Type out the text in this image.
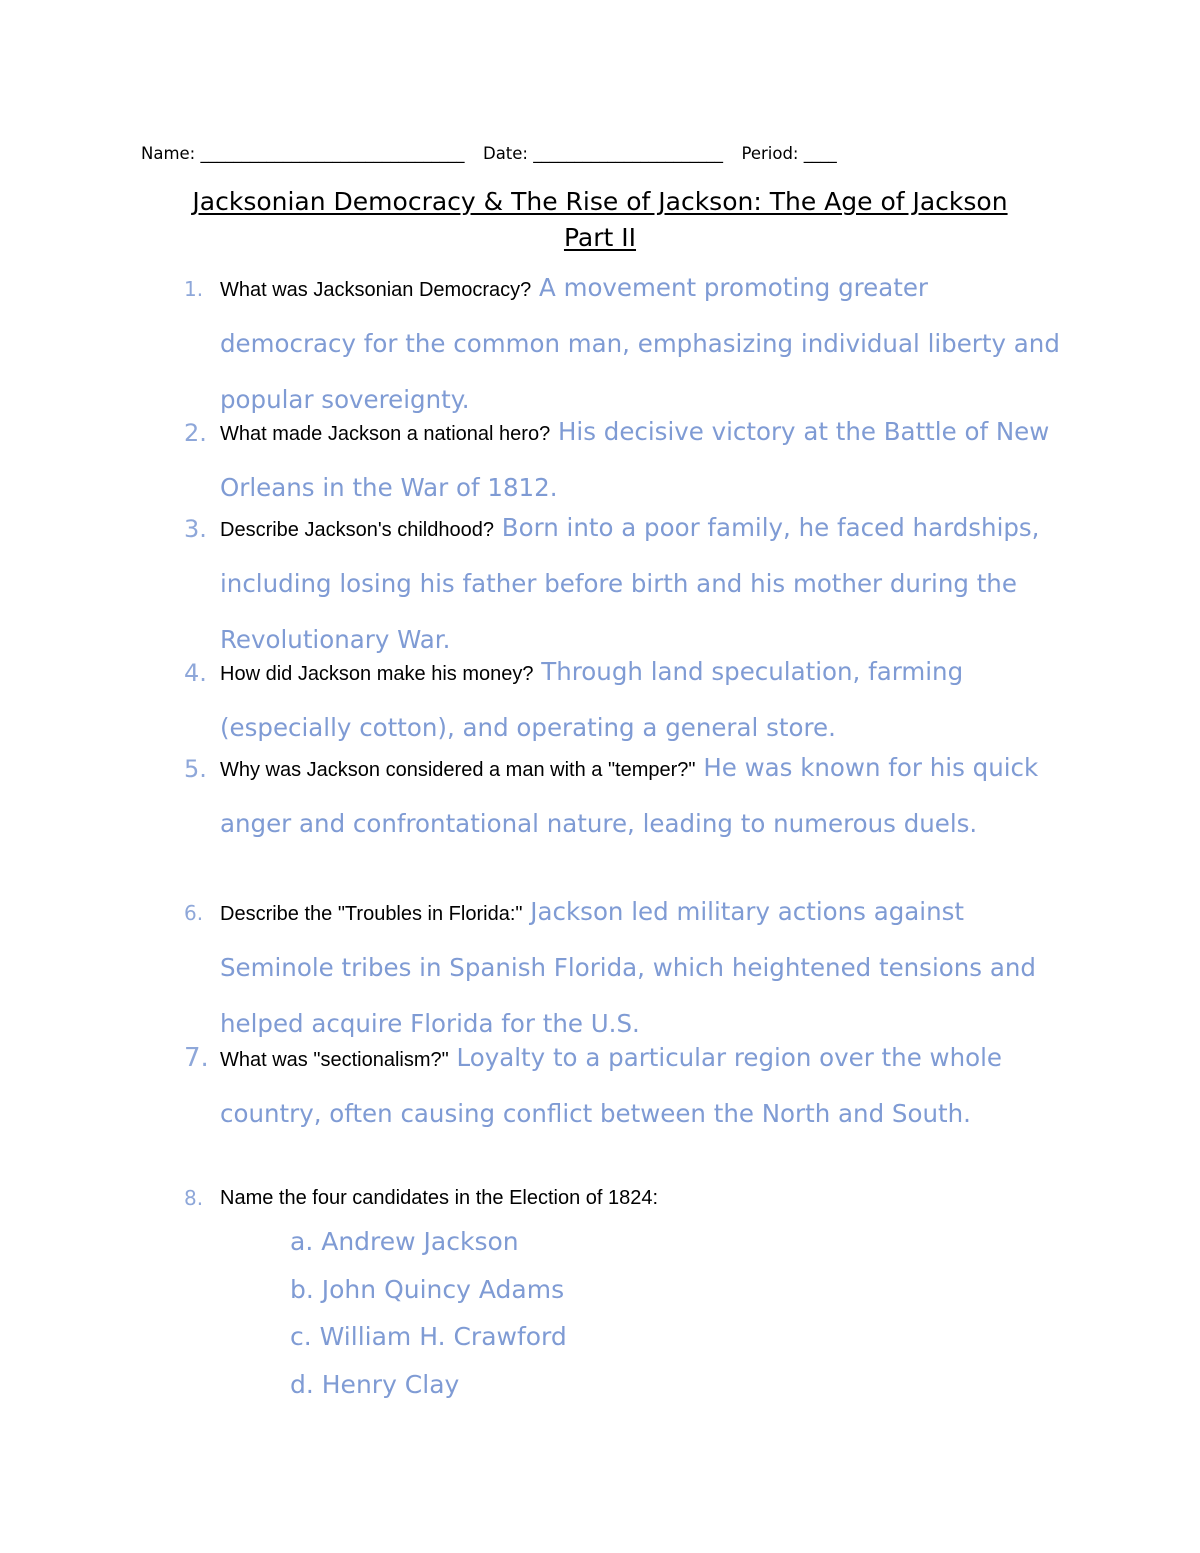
Name: ________________________________ Date: _______________________ Period: ____
Jacksonian Democracy & The Rise of Jackson: The Age of Jackson
Part II
1. What was Jacksonian Democracy? A movement promoting greater democracy for the common man, emphasizing individual liberty and popular sovereignty.
2. What made Jackson a national hero? His decisive victory at the Battle of New Orleans in the War of 1812.
3. Describe Jackson's childhood? Born into a poor family, he faced hardships, including losing his father before birth and his mother during the Revolutionary War.
4. How did Jackson make his money? Through land speculation, farming (especially cotton), and operating a general store.
5. Why was Jackson considered a man with a "temper?" He was known for his quick anger and confrontational nature, leading to numerous duels.
6. Describe the "Troubles in Florida:" Jackson led military actions against Seminole tribes in Spanish Florida, which heightened tensions and helped acquire Florida for the U.S.
7. What was "sectionalism?" Loyalty to a particular region over the whole country, often causing conflict between the North and South.
8. Name the four candidates in the Election of 1824:
a. Andrew Jackson
b. John Quincy Adams
c. William H. Crawford
d. Henry Clay
